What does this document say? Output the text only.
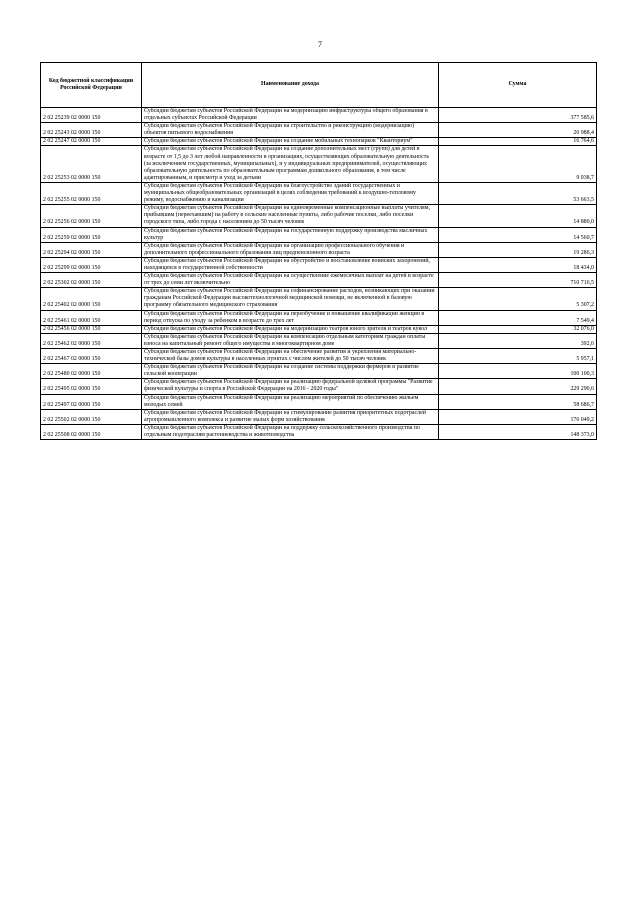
7
Код бюджетной классификации Российской Федерации	Наименование дохода	Сумма
2 02 25239 02 0000 150	Субсидии бюджетам субъектов Российской Федерации на модернизацию инфраструктуры общего образования в отдельных субъектах Российской Федерации	377 585,6
2 02 25243 02 0000 150	Субсидии бюджетам субъектов Российской Федерации на строительство и реконструкцию (модернизацию) объектов питьевого водоснабжения	20 988,4
2 02 25247 02 0000 150	Субсидии бюджетам субъектов Российской Федерации на создание мобильных технопарков "Кванториум"	16 764,6
2 02 25253 02 0000 150	Субсидии бюджетам субъектов Российской Федерации на создание дополнительных мест (групп) для детей в возрасте от 1,5 до 3 лет любой направленности в организациях, осуществляющих образовательную деятельность (за исключением государственных, муниципальных), и у индивидуальных предпринимателей, осуществляющих образовательную деятельность по образовательным программам дошкольного образования, в том числе адаптированным, и присмотр и уход за детьми	9 038,7
2 02 25255 02 0000 150	Субсидии бюджетам субъектов Российской Федерации на благоустройство зданий государственных и муниципальных общеобразовательных организаций в целях соблюдения требований к воздушно-тепловому режиму, водоснабжению и канализации	53 663,5
2 02 25256 02 0000 150	Субсидии бюджетам субъектов Российской Федерации на единовременные компенсационные выплаты учителям, прибывшим (переехавшим) на работу в сельские населенные пункты, либо рабочие поселки, либо поселки городского типа, либо города с населением до 50 тысяч человек	14 880,0
2 02 25259 02 0000 150	Субсидии бюджетам субъектов Российской Федерации на государственную поддержку производства масличных культур	14 560,7
2 02 25294 02 0000 150	Субсидии бюджетам субъектов Российской Федерации на организацию профессионального обучения и дополнительного профессионального образования лиц предпенсионного возраста	19 286,3
2 02 25299 02 0000 150	Субсидии бюджетам субъектов Российской Федерации на обустройство и восстановление воинских захоронений, находящихся в государственной собственности	18 434,0
2 02 25302 02 0000 150	Субсидии бюджетам субъектов Российской Федерации на осуществление ежемесячных выплат на детей в возрасте от трех до семи лет включительно	710 716,5
2 02 25402 02 0000 150	Субсидии бюджетам субъектов Российской Федерации на софинансирование расходов, возникающих при оказании гражданам Российской Федерации высокотехнологичной медицинской помощи, не включенной в базовую программу обязательного медицинского страхования	5 307,2
2 02 25461 02 0000 150	Субсидии бюджетам субъектов Российской Федерации на переобучение и повышение квалификации женщин в период отпуска по уходу за ребенком в возрасте до трех лет	7 549,4
2 02 25456 02 0000 150	Субсидии бюджетам субъектов Российской Федерации на модернизацию театров юного зрителя и театров кукол	32 076,0
2 02 25462 02 0000 150	Субсидии бюджетам субъектов Российской Федерации на компенсацию отдельным категориям граждан оплаты взноса на капитальный ремонт общего имущества в многоквартирном доме	392,6
2 02 25467 02 0000 150	Субсидии бюджетам субъектов Российской Федерации на обеспечение развития и укрепления материально-технической базы домов культуры в населенных пунктах с числом жителей до 50 тысяч человек	5 957,1
2 02 25480 02 0000 150	Субсидии бюджетам субъектов Российской Федерации на создание системы поддержки фермеров и развитие сельской кооперации	100 100,3
2 02 25495 02 0000 150	Субсидии бюджетам субъектов Российской Федерации на реализацию федеральной целевой программы "Развитие физической культуры и спорта в Российской Федерации на 2016 - 2020 годы"	229 290,6
2 02 25497 02 0000 150	Субсидии бюджетам субъектов Российской Федерации на реализацию мероприятий по обеспечению жильем молодых семей	58 686,7
2 02 25502 02 0000 150	Субсидии бюджетам субъектов Российской Федерации на стимулирование развития приоритетных подотраслей агропромышленного комплекса и развитие малых форм хозяйствования	176 049,2
2 02 25508 02 0000 150	Субсидии бюджетам субъектов Российской Федерации на поддержку сельскохозяйственного производства по отдельным подотраслям растениеводства и животноводства	148 373,0
